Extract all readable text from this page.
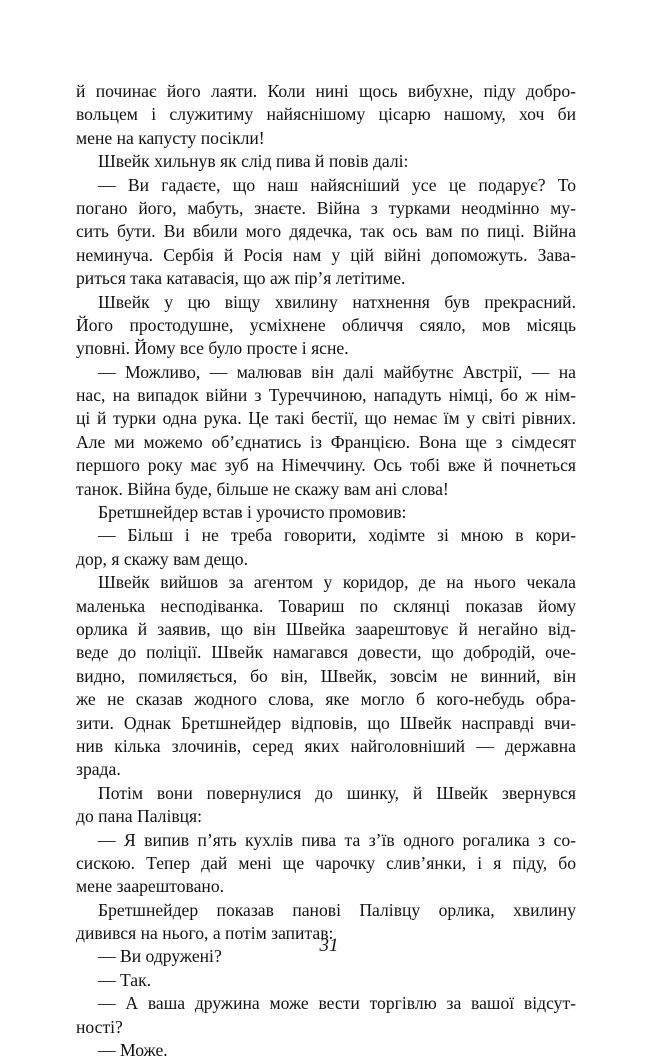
й починає його лаяти. Коли нині щось вибухне, піду добро-
вольцем і служитиму найяснішому цісарю нашому, хоч би
мене на капусту посікли!
Швейк хильнув як слід пива й повів далі:
— Ви гадаєте, що наш найясніший усе це подарує? То
погано його, мабуть, знаєте. Війна з турками неодмінно му-
сить бути. Ви вбили мого дядечка, так ось вам по пиці. Війна
неминуча. Сербія й Росія нам у цій війні допоможуть. Зава-
риться така катавасія, що аж пір’я летітиме.
Швейк у цю віщу хвилину натхнення був прекрасний.
Його простодушне, усміхнене обличчя сяяло, мов місяць
уповні. Йому все було просте і ясне.
— Можливо, — малював він далі майбутнє Австрії, — на
нас, на випадок війни з Туреччиною, нападуть німці, бо ж нім-
ці й турки одна рука. Це такі бестії, що немає їм у світі рівних.
Але ми можемо об’єднатись із Францією. Вона ще з сімдесят
першого року має зуб на Німеччину. Ось тобі вже й почнеться
танок. Війна буде, більше не скажу вам ані слова!
Бретшнейдер встав і урочисто промовив:
— Більш і не треба говорити, ходімте зі мною в кори-
дор, я скажу вам дещо.
Швейк вийшов за агентом у коридор, де на нього чекала
маленька несподіванка. Товариш по склянці показав йому
орлика й заявив, що він Швейка заарештовує й негайно від-
веде до поліції. Швейк намагався довести, що добродій, оче-
видно, помиляється, бо він, Швейк, зовсім не винний, він
же не сказав жодного слова, яке могло б кого-небудь обра-
зити. Однак Бретшнейдер відповів, що Швейк насправді вчи-
нив кілька злочинів, серед яких найголовніший — державна
зрада.
Потім вони повернулися до шинку, й Швейк звернувся
до пана Палівця:
— Я випив п’ять кухлів пива та з’їв одного рогалика з со-
сискою. Тепер дай мені ще чарочку слив’янки, і я піду, бо
мене заарештовано.
Бретшнейдер показав панові Палівцу орлика, хвилину
дивився на нього, а потім запитав:
— Ви одружені?
— Так.
— А ваша дружина може вести торгівлю за вашої відсут-
ності?
— Може.
31
